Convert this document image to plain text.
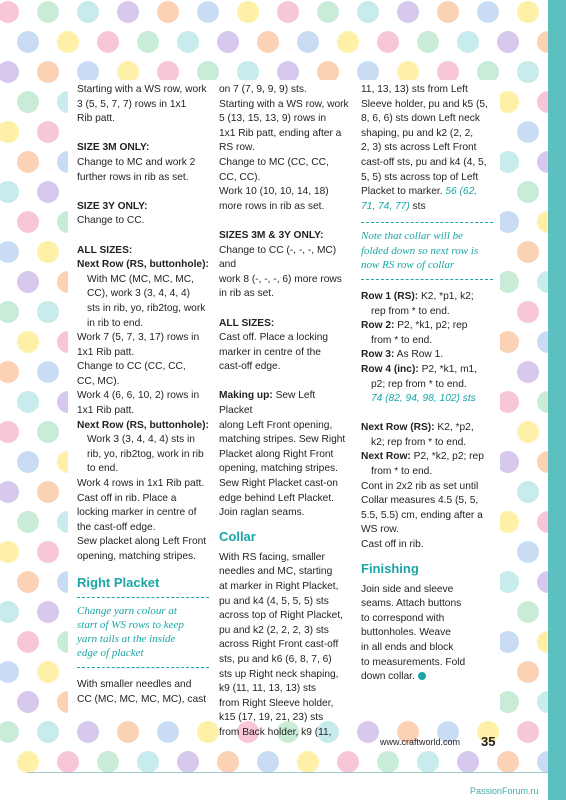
Starting with a WS row, work

3 (5, 5, 7, 7) rows in 1x1

Rib patt.

SIZE 3M ONLY:

Change to MC and work 2

further rows in rib as set.

SIZE 3Y ONLY:

Change to CC.

ALL SIZES:

Next Row (RS, buttonhole):

With MC (MC, MC, MC,

CC), work 3 (3, 4, 4, 4)

sts in rib, yo, rib2tog, work

in rib to end.

Work 7 (5, 7, 3, 17) rows in

1x1 Rib patt.

Change to CC (CC, CC,

CC, MC).

Work 4 (6, 6, 10, 2) rows in

1x1 Rib patt.

Next Row (RS, buttonhole):

Work 3 (3, 4, 4, 4) sts in

rib, yo, rib2tog, work in rib

to end.

Work 4 rows in 1x1 Rib patt.

Cast off in rib. Place a

locking marker in centre of

the cast-off edge.

Sew placket along Left Front

opening, matching stripes.

Right Placket

Change yarn colour at

start of WS rows to keep

yarn tails at the inside

edge of placket

With smaller needles and

CC (MC, MC, MC, MC), cast

on 7 (7, 9, 9, 9) sts.

Starting with a WS row, work

5 (13, 15, 13, 9) rows in

1x1 Rib patt, ending after a

RS row.

Change to MC (CC, CC,

CC, CC).

Work 10 (10, 10, 14, 18)

more rows in rib as set.

SIZES 3M & 3Y ONLY:

Change to CC (-, -, -, MC) and

work 8 (-, -, -, 6) more rows

in rib as set.

ALL SIZES:

Cast off. Place a locking

marker in centre of the

cast-off edge.

Making up: Sew Left Placket

along Left Front opening,

matching stripes. Sew Right

Placket along Right Front

opening, matching stripes.

Sew Right Placket cast-on

edge behind Left Placket.

Join raglan seams.

Collar

With RS facing, smaller

needles and MC, starting

at marker in Right Placket,

pu and k4 (4, 5, 5, 5) sts

across top of Right Placket,

pu and k2 (2, 2, 2, 3) sts

across Right Front cast-off

sts, pu and k6 (6, 8, 7, 6)

sts up Right neck shaping,

k9 (11, 11, 13, 13) sts

from Right Sleeve holder,

k15 (17, 19, 21, 23) sts

from Back holder, k9 (11,

11, 13, 13) sts from Left

Sleeve holder, pu and k5 (5,

8, 6, 6) sts down Left neck

shaping, pu and k2 (2, 2,

2, 3) sts across Left Front

cast-off sts, pu and k4 (4, 5,

5, 5) sts across top of Left

Placket to marker. 56 (62,

71, 74, 77) sts

Note that collar will be

folded down so next row is

now RS row of collar

Row 1 (RS): K2, *p1, k2;

rep from * to end.

Row 2: P2, *k1, p2; rep

from * to end.

Row 3: As Row 1.

Row 4 (inc): P2, *k1, m1,

p2; rep from * to end.

74 (82, 94, 98, 102) sts

Next Row (RS): K2, *p2,

k2; rep from * to end.

Next Row: P2, *k2, p2; rep

from * to end.

Cont in 2x2 rib as set until

Collar measures 4.5 (5, 5,

5.5, 5.5) cm, ending after a

WS row.

Cast off in rib.

Finishing

Join side and sleeve

seams. Attach buttons

to correspond with

buttonholes. Weave

in all ends and block

to measurements. Fold

down collar.

www.craftworld.com 35
PassionForum.ru
